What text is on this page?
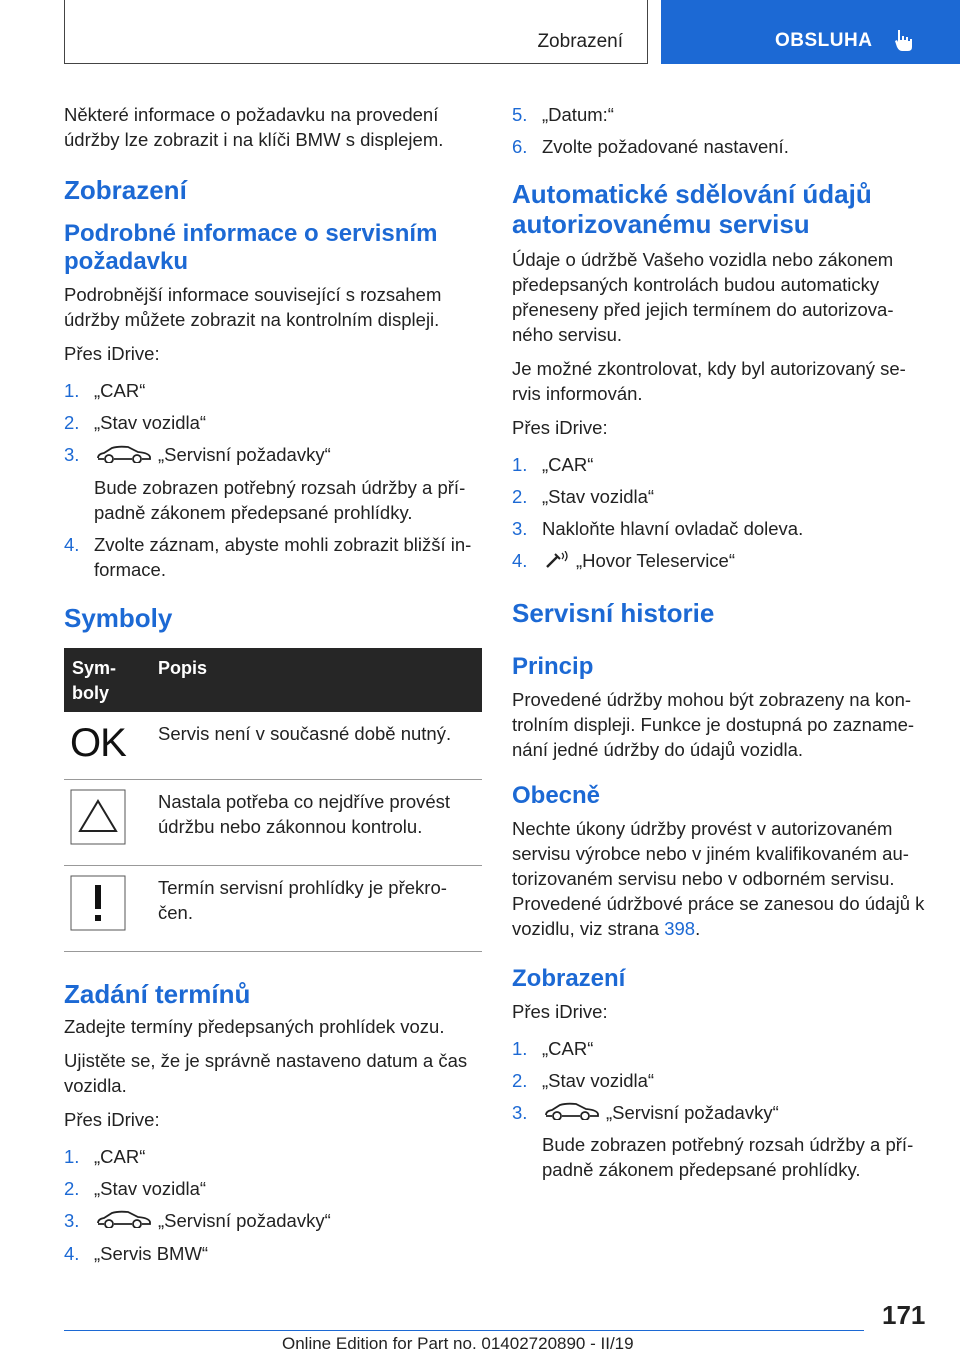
Zobrazení	OBSLUHA

Některé informace o požadavku na provedení údržby lze zobrazit i na klíči BMW s displejem.

Zobrazení
Podrobné informace o servisním požadavku

Podrobnější informace související s rozsahem údržby můžete zobrazit na kontrolním displeji.

Přes iDrive:

1. „CAR“
2. „Stav vozidla“
3.	„Servisní požadavky“
Bude zobrazen potřebný rozsah údržby a pří- padně zákonem předepsané prohlídky.
4. Zvolte záznam, abyste mohli zobrazit bližší in- formace.
Symboly
Sym- boly	Popis
OK	Servis není v současné době nutný.
	Nastala potřeba co nejdříve provést údržbu nebo zákonnou kontrolu.
	Termín servisní prohlídky je překro- čen.
Zadání termínů

Zadejte termíny předepsaných prohlídek vozu.

Ujistěte se, že je správně nastaveno datum a čas vozidla.

Přes iDrive:

1. „CAR“
2. „Stav vozidla“
3.	„Servisní požadavky“
4. „Servis BMW“
5. „Datum:“
6. Zvolte požadované nastavení.
Automatické sdělování údajů autorizovanému servisu

Údaje o údržbě Vašeho vozidla nebo zákonem předepsaných kontrolách budou automaticky přeneseny před jejich termínem do autorizova- ného servisu.

Je možné zkontrolovat, kdy byl autorizovaný se- rvis informován.

Přes iDrive:

1. „CAR“
2. „Stav vozidla“
3. Nakloňte hlavní ovladač doleva.
4.	„Hovor Teleservice“
Servisní historie
Princip

Provedené údržby mohou být zobrazeny na kon- trolním displeji. Funkce je dostupná po zazname- nání jedné údržby do údajů vozidla.

Obecně

Nechte úkony údržby provést v autorizovaném servisu výrobce nebo v jiném kvalifikovaném au- torizovaném servisu nebo v odborném servisu.

Provedené údržbové práce se zanesou do údajů k vozidlu, viz strana 398.

Zobrazení

Přes iDrive:

1. „CAR“
2. „Stav vozidla“
3.	„Servisní požadavky“
Bude zobrazen potřebný rozsah údržby a pří- padně zákonem předepsané prohlídky.
171
Online Edition for Part no. 01402720890 - II/19
